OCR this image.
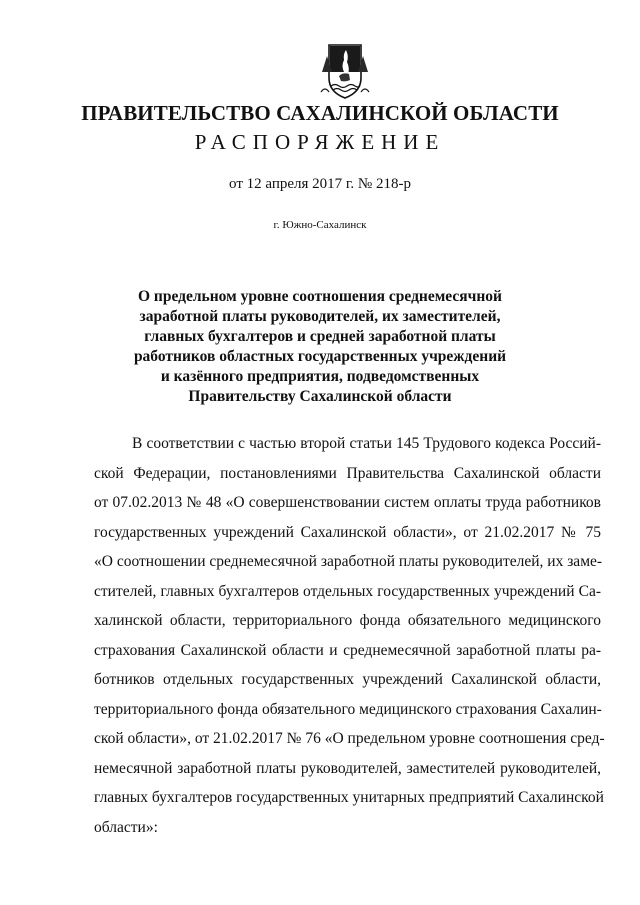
ПРАВИТЕЛЬСТВО САХАЛИНСКОЙ ОБЛАСТИ
РАСПОРЯЖЕНИЕ
от 12 апреля 2017 г. № 218-р
г. Южно-Сахалинск
О предельном уровне соотношения среднемесячной
заработной платы руководителей, их заместителей,
главных бухгалтеров и средней заработной платы
работников областных государственных учреждений
и казённого предприятия, подведомственных
Правительству Сахалинской области
В соответствии с частью второй статьи 145 Трудового кодекса Россий-
ской Федерации, постановлениями Правительства Сахалинской области
от 07.02.2013 № 48 «О совершенствовании систем оплаты труда работников
государственных учреждений Сахалинской области», от 21.02.2017 № 75
«О соотношении среднемесячной заработной платы руководителей, их заме-
стителей, главных бухгалтеров отдельных государственных учреждений Са-
халинской области, территориального фонда обязательного медицинского
страхования Сахалинской области и среднемесячной заработной платы ра-
ботников отдельных государственных учреждений Сахалинской области,
территориального фонда обязательного медицинского страхования Сахалин-
ской области», от 21.02.2017 № 76 «О предельном уровне соотношения сред-
немесячной заработной платы руководителей, заместителей руководителей,
главных бухгалтеров государственных унитарных предприятий Сахалинской
области»:
